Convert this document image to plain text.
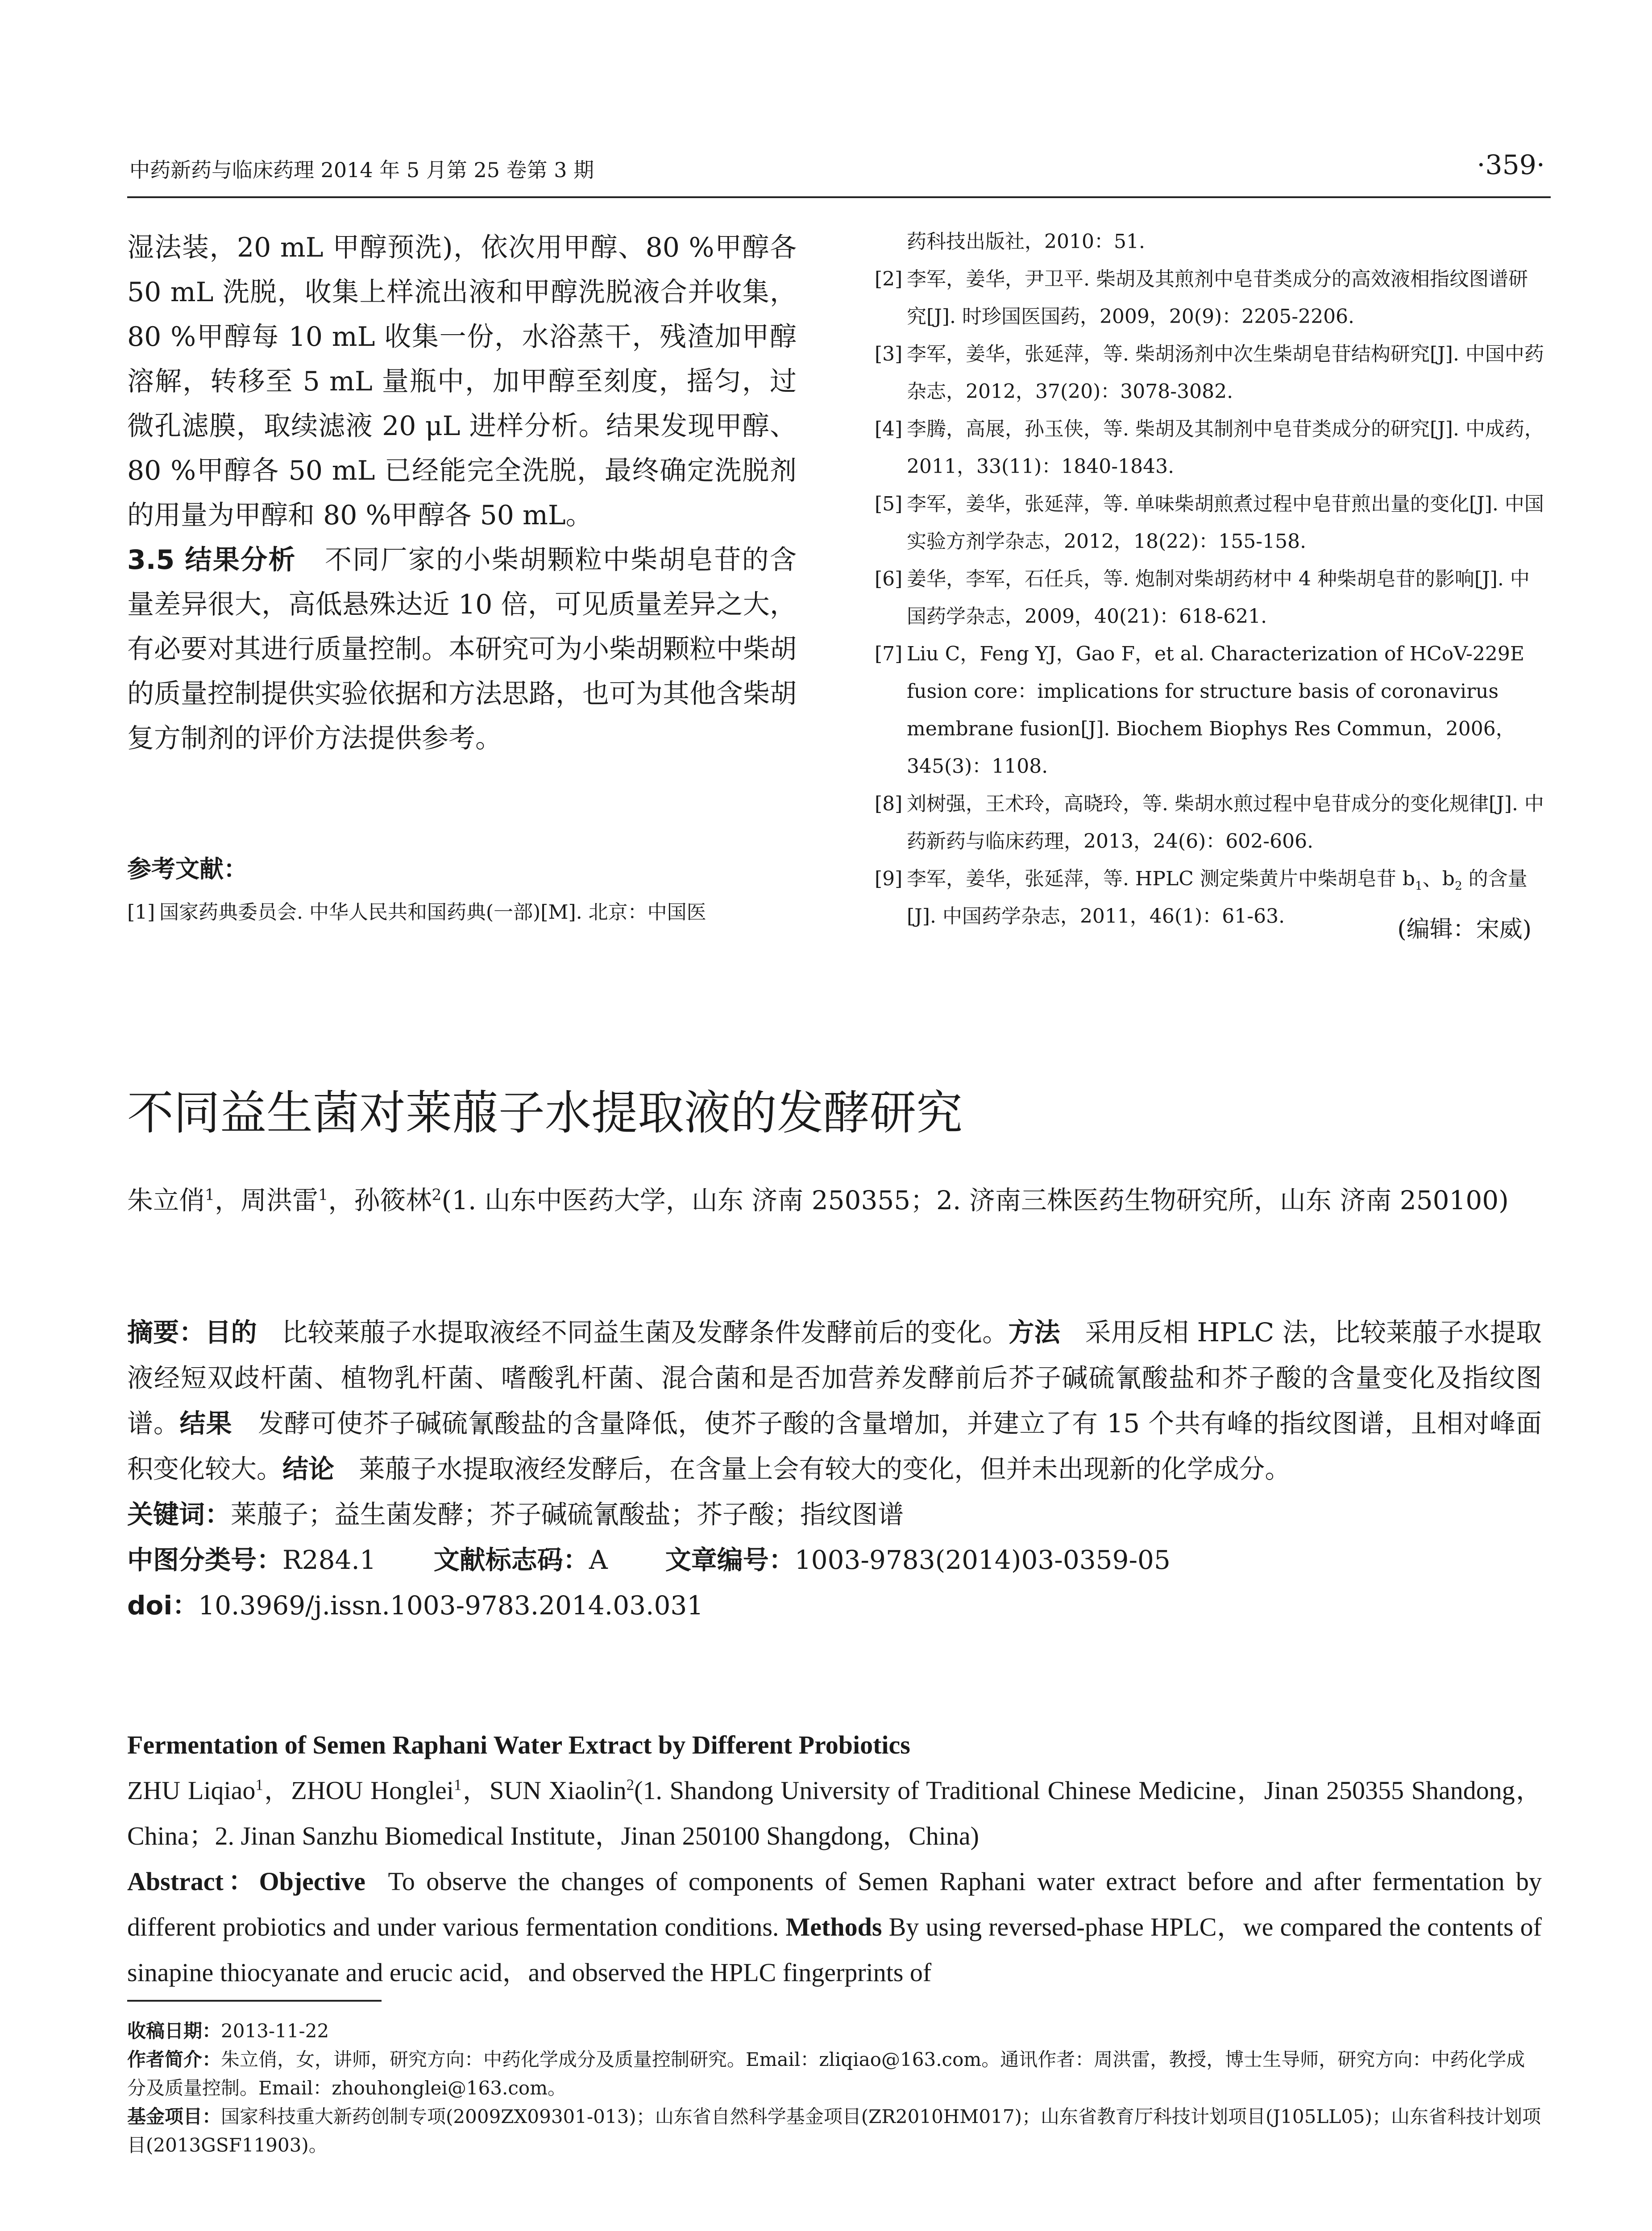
中药新药与临床药理 2014 年 5 月第 25 卷第 3 期	·359·

湿法装，20 mL 甲醇预洗)，依次用甲醇、80 %甲醇各 50 mL 洗脱，收集上样流出液和甲醇洗脱液合并收集，80 %甲醇每 10 mL 收集一份，水浴蒸干，残渣加甲醇溶解，转移至 5 mL 量瓶中，加甲醇至刻度，摇匀，过微孔滤膜，取续滤液 20 μL 进样分析。结果发现甲醇、80 %甲醇各 50 mL 已经能完全洗脱，最终确定洗脱剂的用量为甲醇和 80 %甲醇各 50 mL。

3.5 结果分析 不同厂家的小柴胡颗粒中柴胡皂苷的含量差异很大，高低悬殊达近 10 倍，可见质量差异之大，有必要对其进行质量控制。本研究可为小柴胡颗粒中柴胡的质量控制提供实验依据和方法思路，也可为其他含柴胡复方制剂的评价方法提供参考。

参考文献：
[1] 国家药典委员会. 中华人民共和国药典(一部)[M]. 北京：中国医
药科技出版社，2010：51.
[2] 李军，姜华，尹卫平. 柴胡及其煎剂中皂苷类成分的高效液相指纹图谱研究[J]. 时珍国医国药，2009，20(9)：2205-2206.
[3] 李军，姜华，张延萍，等. 柴胡汤剂中次生柴胡皂苷结构研究[J]. 中国中药杂志，2012，37(20)：3078-3082.
[4] 李腾，高展，孙玉侠，等. 柴胡及其制剂中皂苷类成分的研究[J]. 中成药，2011，33(11)：1840-1843.
[5] 李军，姜华，张延萍，等. 单味柴胡煎煮过程中皂苷煎出量的变化[J]. 中国实验方剂学杂志，2012，18(22)：155-158.
[6] 姜华，李军，石任兵，等. 炮制对柴胡药材中 4 种柴胡皂苷的影响[J]. 中国药学杂志，2009，40(21)：618-621.
[7] Liu C，Feng YJ，Gao F，et al. Characterization of HCoV-229E fusion core：implications for structure basis of coronavirus membrane fusion[J]. Biochem Biophys Res Commun，2006，345(3)：1108.
[8] 刘树强，王术玲，高晓玲，等. 柴胡水煎过程中皂苷成分的变化规律[J]. 中药新药与临床药理，2013，24(6)：602-606.
[9] 李军，姜华，张延萍，等. HPLC 测定柴黄片中柴胡皂苷 $b_1$、$b_2$ 的含量[J]. 中国药学杂志，2011，46(1)：61-63.	(编辑：宋威)
不同益生菌对莱菔子水提取液的发酵研究
朱立俏$^1$，周洪雷$^1$，孙筱林$^2$(1. 山东中医药大学，山东 济南 250355；2. 济南三株医药生物研究所，山东 济南 250100)

摘要：目的 比较莱菔子水提取液经不同益生菌及发酵条件发酵前后的变化。方法 采用反相 HPLC 法，比较莱菔子水提取液经短双歧杆菌、植物乳杆菌、嗜酸乳杆菌、混合菌和是否加营养发酵前后芥子碱硫氰酸盐和芥子酸的含量变化及指纹图谱。结果 发酵可使芥子碱硫氰酸盐的含量降低，使芥子酸的含量增加，并建立了有 15 个共有峰的指纹图谱，且相对峰面积变化较大。结论 莱菔子水提取液经发酵后，在含量上会有较大的变化，但并未出现新的化学成分。

关键词：莱菔子；益生菌发酵；芥子碱硫氰酸盐；芥子酸；指纹图谱

中图分类号： R284.1
文献标志码： A
文章编号： 1003-9783(2014)03-0359-05

doi：10.3969/j.issn.1003-9783.2014.03.031

Fermentation of Semen Raphani Water Extract by Different Probiotics

ZHU Liqiao$^1$，ZHOU Honglei$^1$，SUN Xiaolin$^2$(1. Shandong University of Traditional Chinese Medicine，Jinan 250355 Shandong，China；2. Jinan Sanzhu Biomedical Institute，Jinan 250100 Shangdong，China)

Abstract：Objective To observe the changes of components of Semen Raphani water extract before and after fermentation by different probiotics and under various fermentation conditions. Methods By using reversed-phase HPLC，we compared the contents of sinapine thiocyanate and erucic acid，and observed the HPLC fingerprints of

收稿日期：2013-11-22

作者简介：朱立俏，女，讲师，研究方向：中药化学成分及质量控制研究。Email：zliqiao@163.com。通讯作者：周洪雷，教授，博士生导师，研究方向：中药化学成分及质量控制。Email：zhouhonglei@163.com。

基金项目：国家科技重大新药创制专项(2009ZX09301-013)；山东省自然科学基金项目(ZR2010HM017)；山东省教育厅科技计划项目(J105LL05)；山东省科技计划项目(2013GSF11903)。
